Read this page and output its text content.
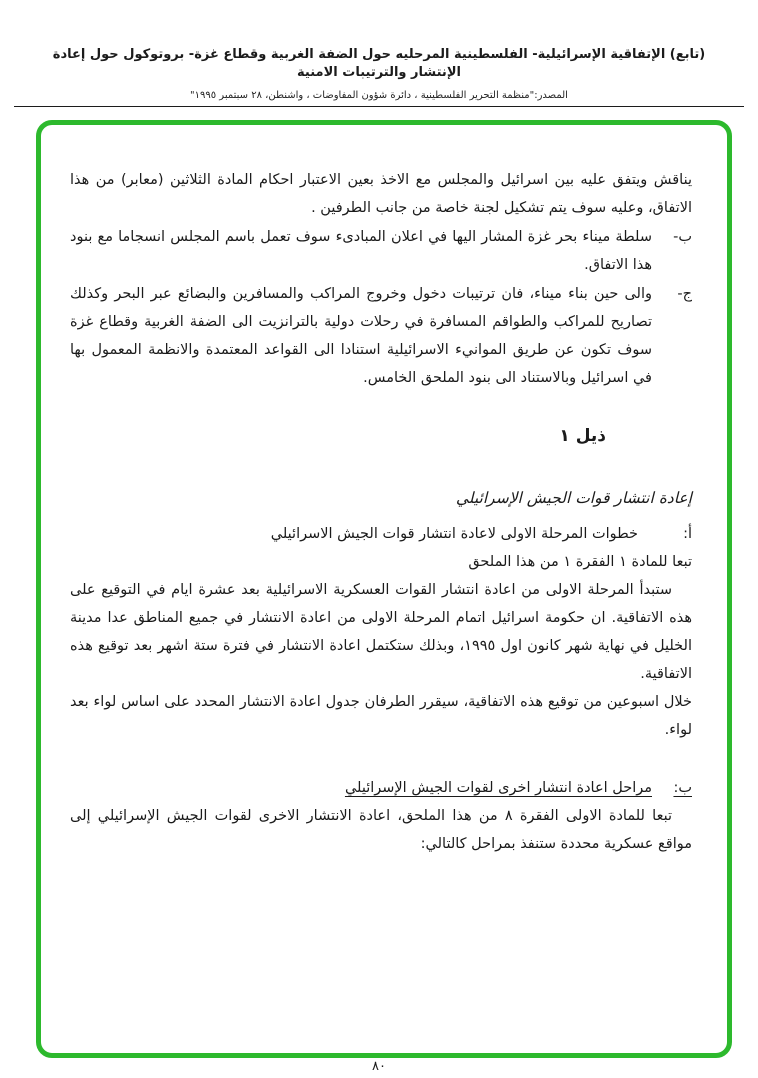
(تابع) الإتفاقية الإسرائيلية- الفلسطينية المرحليه حول الضفة الغربية وقطاع غزة- بروتوكول حول إعادة الإنتشار والترتيبات الامنية
المصدر:"منظمة التحرير الفلسطينية ، دائرة شؤون المفاوضات ، واشنطن، ٢٨ سبتمبر ١٩٩٥"

يناقش ويتفق عليه بين اسرائيل والمجلس مع الاخذ بعين الاعتبار احكام المادة الثلاثين (معابر) من هذا الاتفاق، وعليه سوف يتم تشكيل لجنة خاصة من جانب الطرفين .

ب-

سلطة ميناء بحر غزة المشار اليها في اعلان المبادىء سوف تعمل باسم المجلس انسجاما مع بنود هذا الاتفاق.

ج-

والى حين بناء ميناء، فان ترتيبات دخول وخروج المراكب والمسافرين والبضائع عبر البحر وكذلك تصاريح للمراكب والطواقم المسافرة في رحلات دولية بالترانزيت الى الضفة الغربية وقطاع غزة سوف تكون عن طريق الموانيء الاسرائيلية استنادا الى القواعد المعتمدة والانظمة المعمول بها في اسرائيل وبالاستناد الى بنود الملحق الخامس.

ذيل ١
إعادة انتشار قوات الجيش الإسرائيلي
أ:

خطوات المرحلة الاولى لاعادة انتشار قوات الجيش الاسرائيلي

تبعا للمادة ١ الفقرة ١ من هذا الملحق

ستبدأ المرحلة الاولى من اعادة انتشار القوات العسكرية الاسرائيلية بعد عشرة ايام في التوقيع على هذه الاتفاقية. ان حكومة اسرائيل اتمام المرحلة الاولى من اعادة الانتشار في جميع المناطق عدا مدينة الخليل في نهاية شهر كانون اول ١٩٩٥، وبذلك ستكتمل اعادة الانتشار في فترة ستة اشهر بعد توقيع هذه الاتفاقية.

خلال اسبوعين من توقيع هذه الاتفاقية، سيقرر الطرفان جدول اعادة الانتشار المحدد على اساس لواء بعد لواء.

ب:

مراحل اعادة انتشار اخرى لقوات الجيش الإسرائيلي

تبعا للمادة الاولى الفقرة ٨ من هذا الملحق، اعادة الانتشار الاخرى لقوات الجيش الإسرائيلي إلى مواقع عسكرية محددة ستنفذ بمراحل كالتالي:

٨٠
